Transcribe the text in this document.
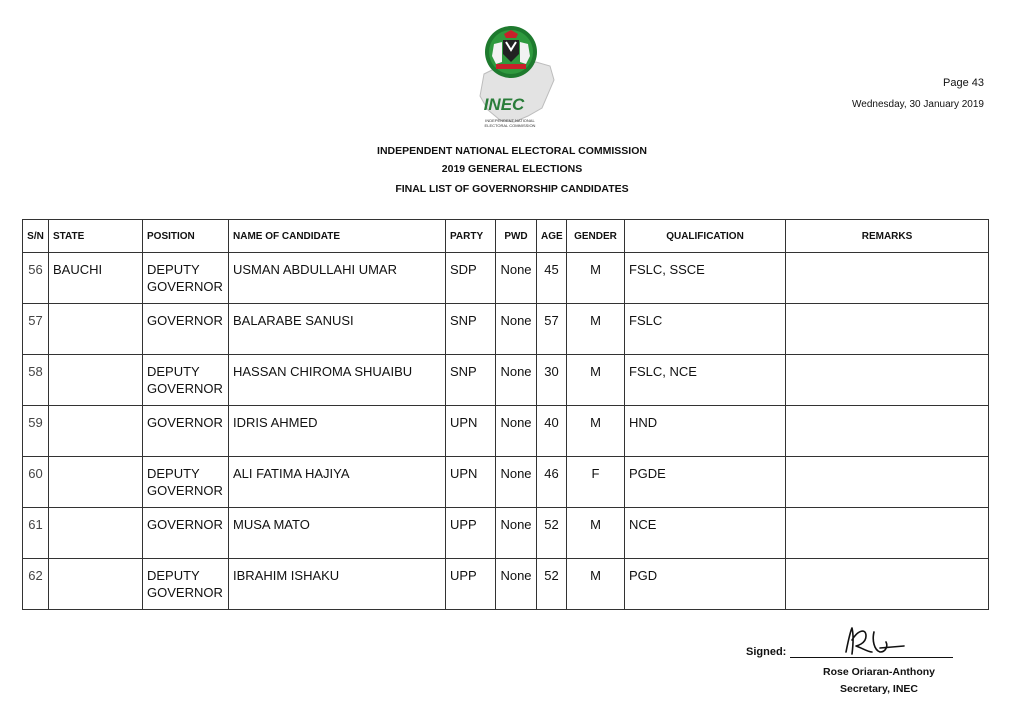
INEC
INDEPENDENT NATIONAL
ELECTORAL COMMISSION
Page 43
Wednesday, 30 January 2019
INDEPENDENT NATIONAL ELECTORAL COMMISSION
2019 GENERAL ELECTIONS
FINAL LIST OF GOVERNORSHIP CANDIDATES
S/N	STATE	POSITION	NAME OF CANDIDATE	PARTY	PWD	AGE	GENDER	QUALIFICATION	REMARKS
56	BAUCHI	DEPUTY GOVERNOR	USMAN ABDULLAHI UMAR	SDP	None	45	M	FSLC, SSCE	
57		GOVERNOR	BALARABE SANUSI	SNP	None	57	M	FSLC	
58		DEPUTY GOVERNOR	HASSAN CHIROMA SHUAIBU	SNP	None	30	M	FSLC, NCE	
59		GOVERNOR	IDRIS AHMED	UPN	None	40	M	HND	
60		DEPUTY GOVERNOR	ALI FATIMA HAJIYA	UPN	None	46	F	PGDE	
61		GOVERNOR	MUSA MATO	UPP	None	52	M	NCE	
62		DEPUTY GOVERNOR	IBRAHIM ISHAKU	UPP	None	52	M	PGD	
Signed:
Rose Oriaran-Anthony
Secretary, INEC
